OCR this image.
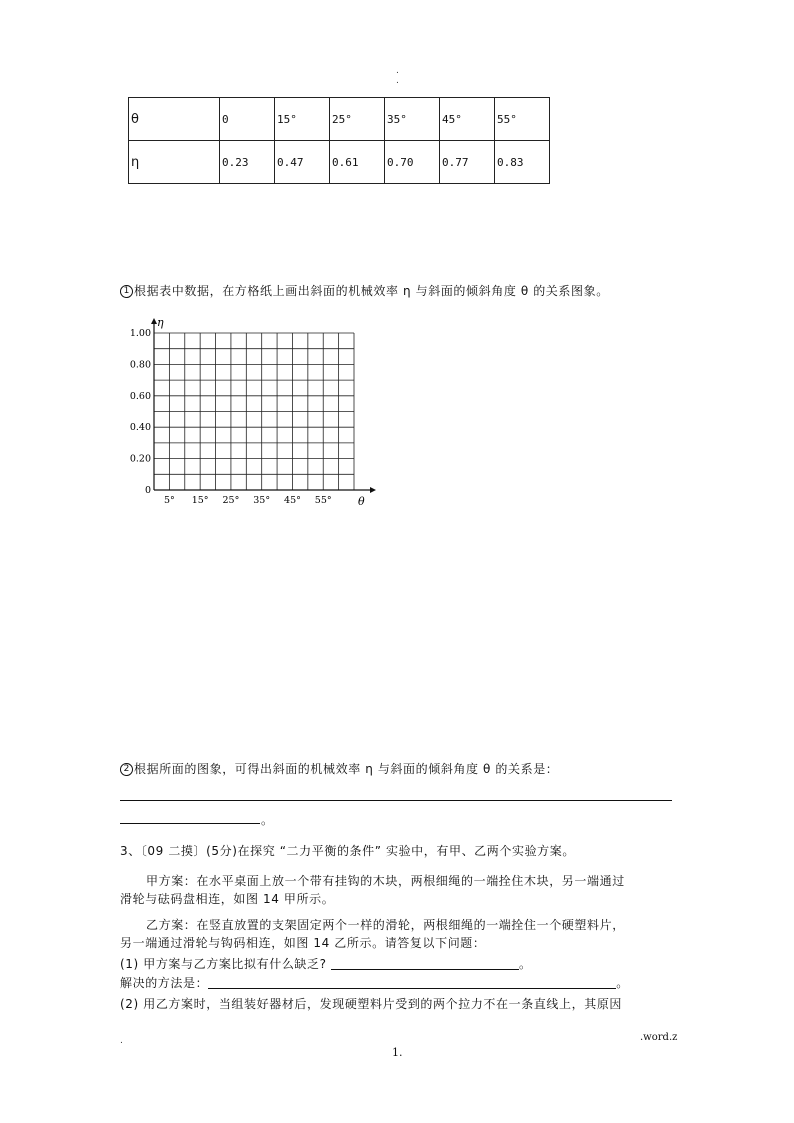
.
.
θ	0	15°	25°	35°	45°	55°
η	0.23	0.47	0.61	0.70	0.77	0.83
1 根据表中数据，在方格纸上画出斜面的机械效率 η 与斜面的倾斜角度 θ 的关系图象。
1.00
0.80
0.60
0.40
0.20
0
5° 15° 25° 35° 45° 55° θ
η
2 根据所面的图象，可得出斜面的机械效率 η 与斜面的倾斜角度 θ 的关系是：
。
3、〔09 二摸〕(5分)在探究 “二力平衡的条件” 实验中，有甲、乙两个实验方案。
甲方案：在水平桌面上放一个带有挂钩的木块，两根细绳的一端拴住木块，另一端通过
滑轮与砝码盘相连，如图 14 甲所示。
乙方案：在竖直放置的支架固定两个一样的滑轮，两根细绳的一端拴住一个硬塑料片，
另一端通过滑轮与钩码相连，如图 14 乙所示。请答复以下问题：
(1) 甲方案与乙方案比拟有什么缺乏?	。
解决的方法是：	。
(2) 用乙方案时，当组装好器材后，发现硬塑料片受到的两个拉力不在一条直线上，其原因
.
1.
.word.z
